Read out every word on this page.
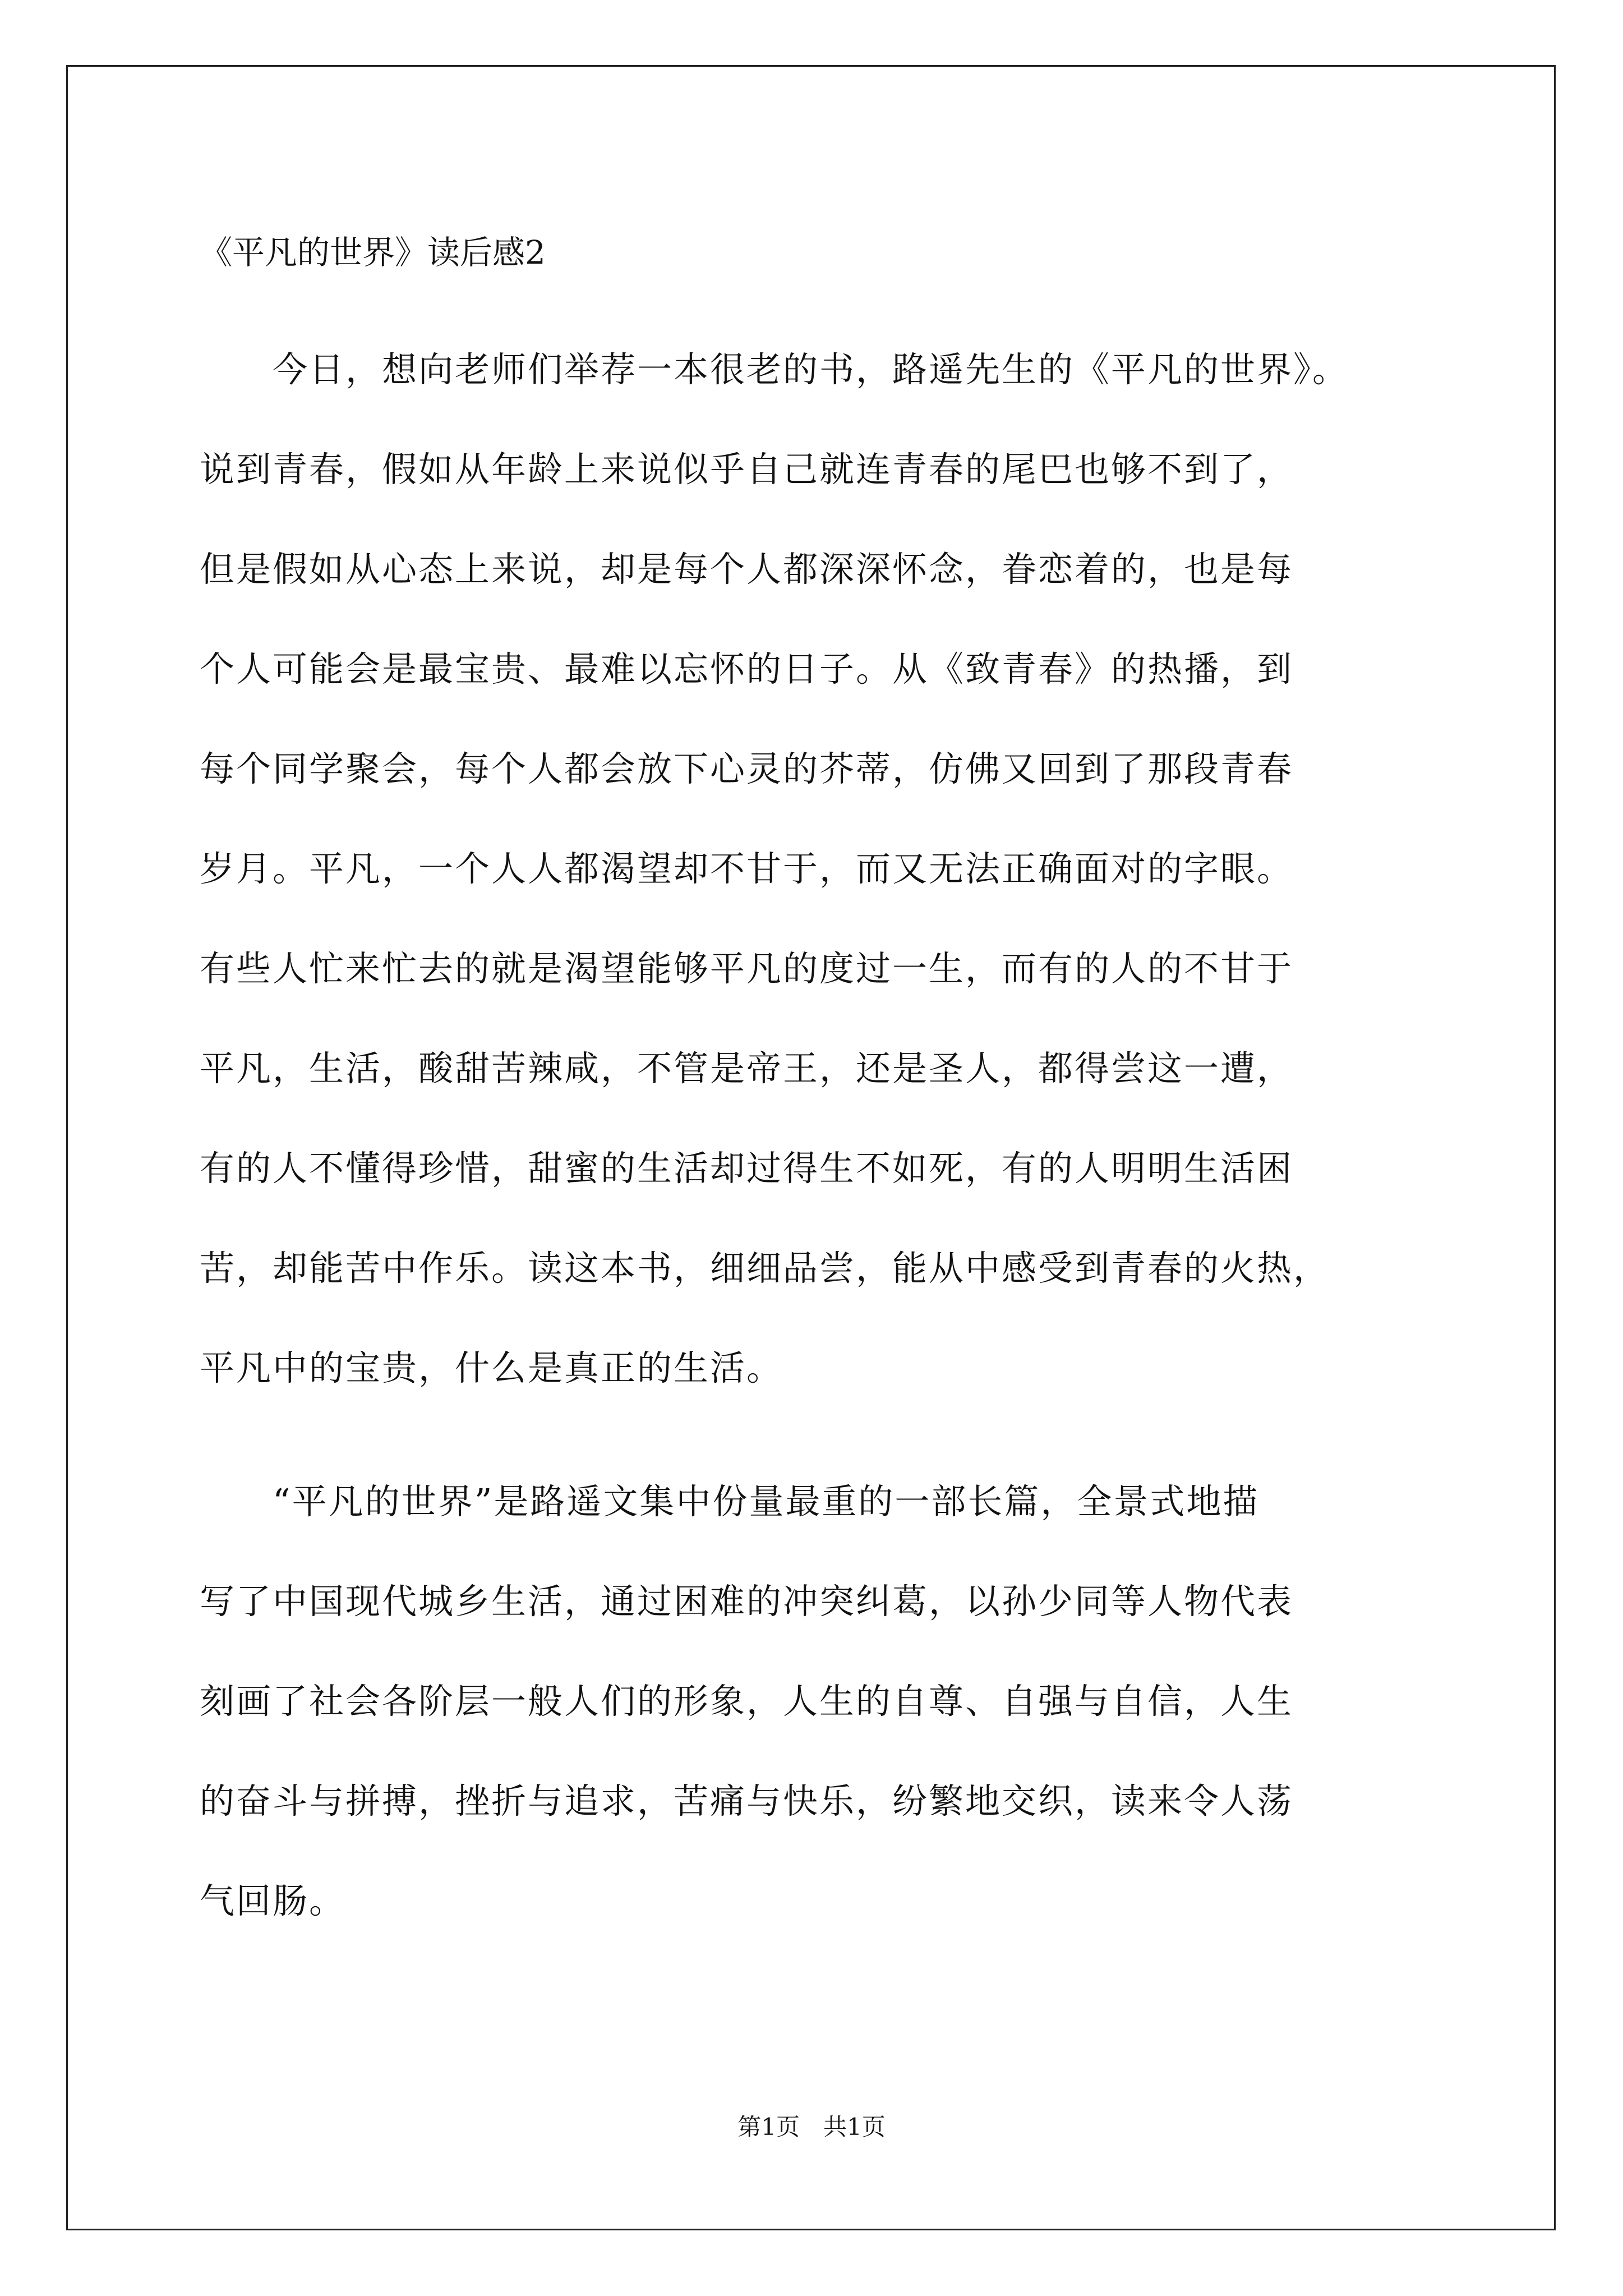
《平凡的世界》读后感2
　　今日，想向老师们举荐一本很老的书，路遥先生的《平凡的世界》。
说到青春，假如从年龄上来说似乎自己就连青春的尾巴也够不到了，
但是假如从心态上来说，却是每个人都深深怀念，眷恋着的，也是每
个人可能会是最宝贵、最难以忘怀的日子。从《致青春》的热播，到
每个同学聚会，每个人都会放下心灵的芥蒂，仿佛又回到了那段青春
岁月。平凡，一个人人都渴望却不甘于，而又无法正确面对的字眼。
有些人忙来忙去的就是渴望能够平凡的度过一生，而有的人的不甘于
平凡，生活，酸甜苦辣咸，不管是帝王，还是圣人，都得尝这一遭，
有的人不懂得珍惜，甜蜜的生活却过得生不如死，有的人明明生活困
苦，却能苦中作乐。读这本书，细细品尝，能从中感受到青春的火热，
平凡中的宝贵，什么是真正的生活。
　　“平凡的世界”是路遥文集中份量最重的一部长篇，全景式地描
写了中国现代城乡生活，通过困难的冲突纠葛，以孙少同等人物代表
刻画了社会各阶层一般人们的形象，人生的自尊、自强与自信，人生
的奋斗与拼搏，挫折与追求，苦痛与快乐，纷繁地交织，读来令人荡
气回肠。
第1页　共1页
